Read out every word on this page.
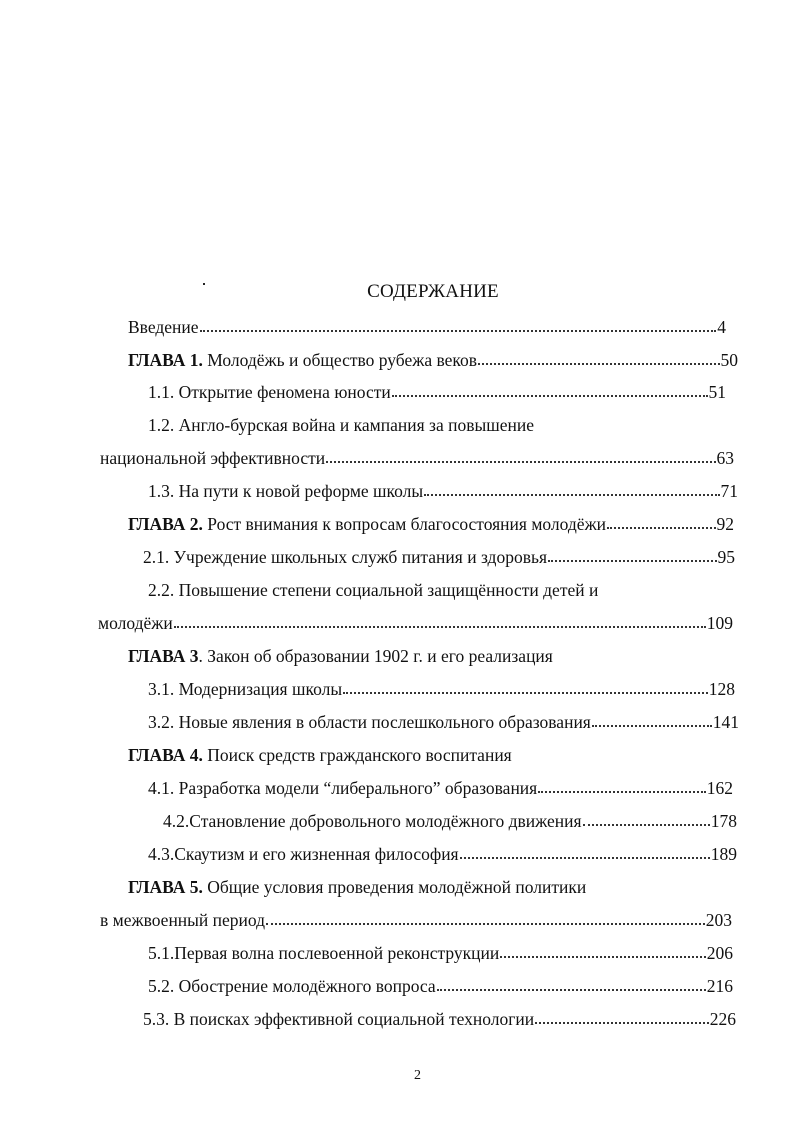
СОДЕРЖАНИЕ
Введение	4
ГЛАВА 1. Молодёжь и общество рубежа веков	50
1.1. Открытие феномена юности	51
1.2. Англо-бурская война и кампания за повышение
национальной эффективности	63
1.3. На пути к новой реформе школы	71
ГЛАВА 2. Рост внимания к вопросам благосостояния молодёжи	92
2.1. Учреждение школьных служб питания и здоровья	95
2.2. Повышение степени социальной защищённости детей и
молодёжи	109
ГЛАВА 3. Закон об образовании 1902 г. и его реализация
3.1. Модернизация школы	128
3.2. Новые явления в области послешкольного образования	141
ГЛАВА 4. Поиск средств гражданского воспитания
4.1. Разработка модели “либерального” образования	162
4.2.Становление добровольного молодёжного движения	178
4.3.Скаутизм и его жизненная философия	189
ГЛАВА 5. Общие условия проведения молодёжной политики
в межвоенный период	203
5.1.Первая волна послевоенной реконструкции	206
5.2. Обострение молодёжного вопроса	216
5.3. В поисках эффективной социальной технологии	226
2
